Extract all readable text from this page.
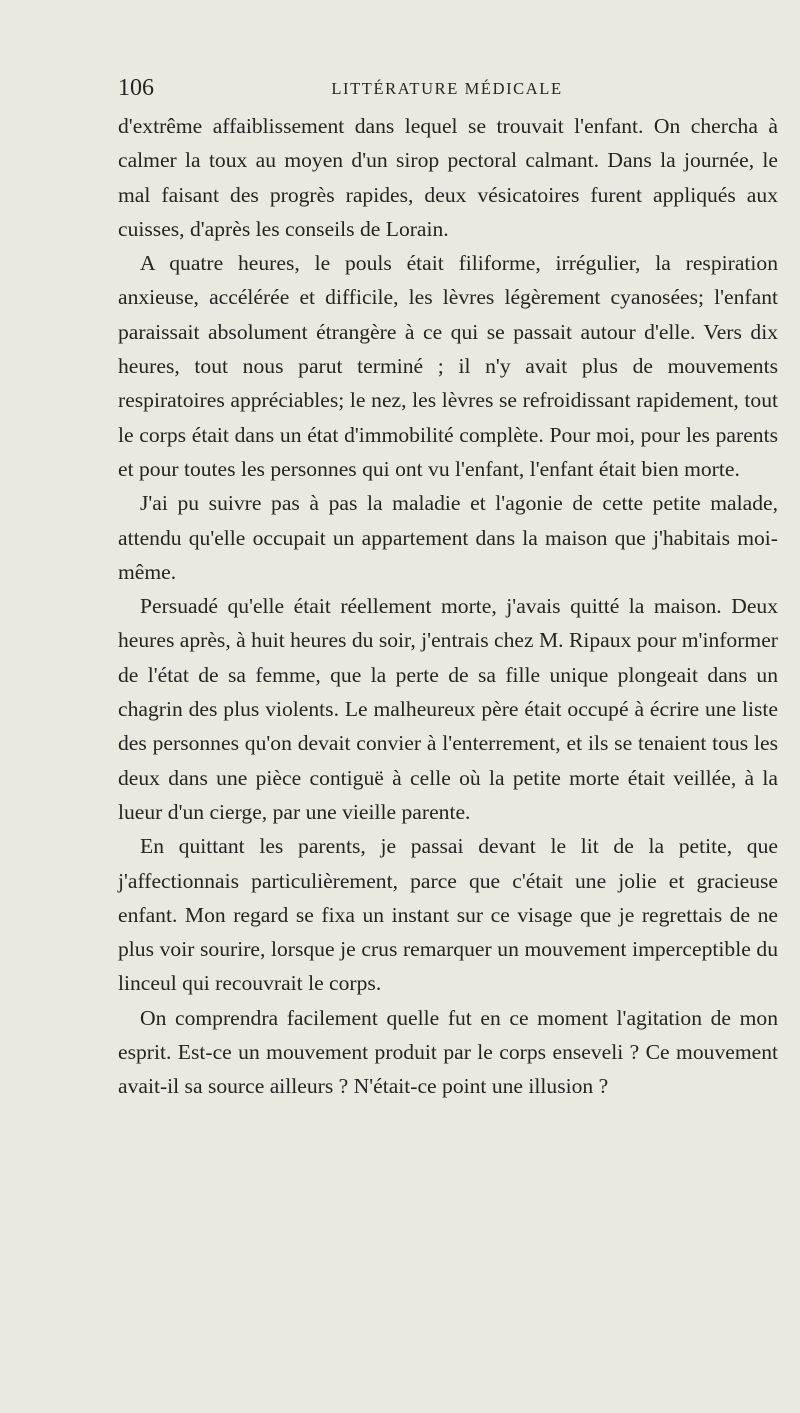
106	LITTÉRATURE MÉDICALE

d'extrême affaiblissement dans lequel se trouvait l'enfant. On chercha à calmer la toux au moyen d'un sirop pectoral calmant. Dans la journée, le mal faisant des progrès rapides, deux vésicatoires furent appliqués aux cuisses, d'après les conseils de Lorain.

A quatre heures, le pouls était filiforme, irrégulier, la respiration anxieuse, accélérée et difficile, les lèvres légèrement cyanosées; l'enfant paraissait absolument étrangère à ce qui se passait autour d'elle. Vers dix heures, tout nous parut terminé ; il n'y avait plus de mouvements respiratoires appréciables; le nez, les lèvres se refroidissant rapidement, tout le corps était dans un état d'immobilité complète. Pour moi, pour les parents et pour toutes les personnes qui ont vu l'enfant, l'enfant était bien morte.

J'ai pu suivre pas à pas la maladie et l'agonie de cette petite malade, attendu qu'elle occupait un appartement dans la maison que j'habitais moi-même.

Persuadé qu'elle était réellement morte, j'avais quitté la maison. Deux heures après, à huit heures du soir, j'entrais chez M. Ripaux pour m'informer de l'état de sa femme, que la perte de sa fille unique plongeait dans un chagrin des plus violents. Le malheureux père était occupé à écrire une liste des personnes qu'on devait convier à l'enterrement, et ils se tenaient tous les deux dans une pièce contiguë à celle où la petite morte était veillée, à la lueur d'un cierge, par une vieille parente.

En quittant les parents, je passai devant le lit de la petite, que j'affectionnais particulièrement, parce que c'était une jolie et gracieuse enfant. Mon regard se fixa un instant sur ce visage que je regrettais de ne plus voir sourire, lorsque je crus remarquer un mouvement imperceptible du linceul qui recouvrait le corps.

On comprendra facilement quelle fut en ce moment l'agitation de mon esprit. Est-ce un mouvement produit par le corps enseveli ? Ce mouvement avait-il sa source ailleurs ? N'était-ce point une illusion ?
